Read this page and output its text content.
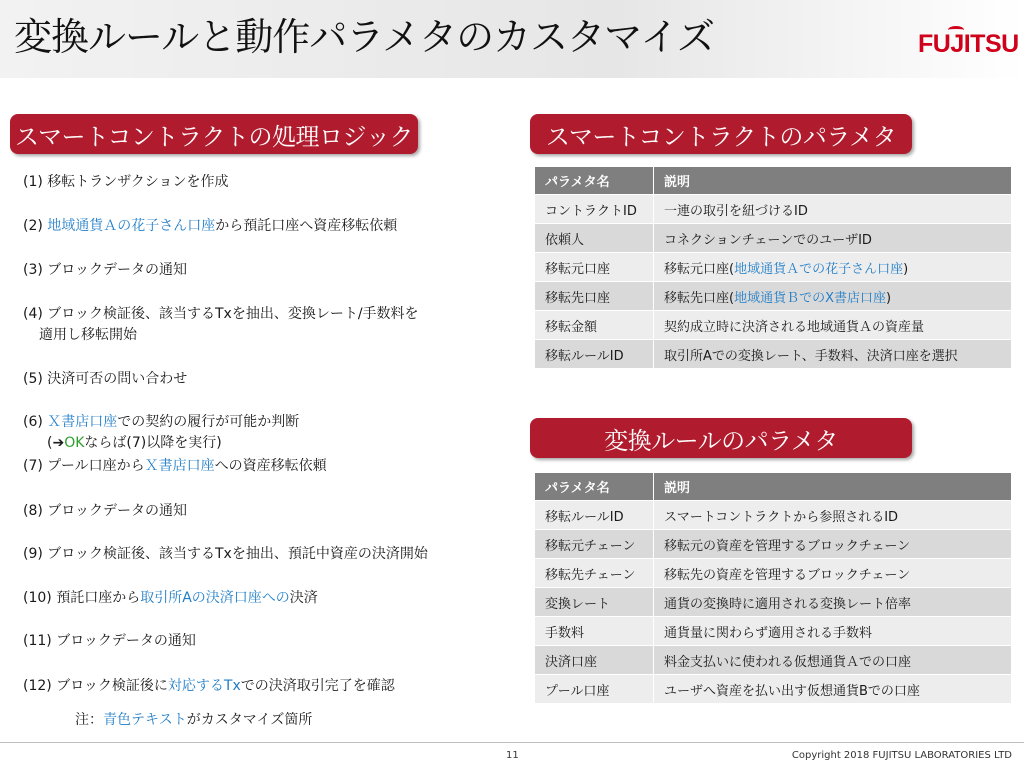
変換ルールと動作パラメタのカスタマイズ	FUJITSU
スマートコントラクトの処理ロジック
(1) 移転トランザクションを作成
(2) 地域通貨Ａの花子さん口座から預託口座へ資産移転依頼
(3) ブロックデータの通知
(4) ブロック検証後、該当するTxを抽出、変換レート/手数料を
適用し移転開始
(5) 決済可否の問い合わせ
(6) Ｘ書店口座での契約の履行が可能か判断
(➔OKならば(7)以降を実行)
(7) プール口座からＸ書店口座への資産移転依頼
(8) ブロックデータの通知
(9) ブロック検証後、該当するTxを抽出、預託中資産の決済開始
(10) 預託口座から取引所Aの決済口座への決済
(11) ブロックデータの通知
(12) ブロック検証後に対応するTxでの決済取引完了を確認
注：青色テキストがカスタマイズ箇所
スマートコントラクトのパラメタ
パラメタ名	説明
コントラクトID	一連の取引を紐づけるID
依頼人	コネクションチェーンでのユーザID
移転元口座	移転元口座(地域通貨Ａでの花子さん口座)
移転先口座	移転先口座(地域通貨ＢでのX書店口座)
移転金額	契約成立時に決済される地域通貨Ａの資産量
移転ルールID	取引所Aでの変換レート、手数料、決済口座を選択
変換ルールのパラメタ
パラメタ名	説明
移転ルールID	スマートコントラクトから参照されるID
移転元チェーン	移転元の資産を管理するブロックチェーン
移転先チェーン	移転先の資産を管理するブロックチェーン
変換レート	通貨の変換時に適用される変換レート倍率
手数料	通貨量に関わらず適用される手数料
決済口座	料金支払いに使われる仮想通貨Ａでの口座
プール口座	ユーザへ資産を払い出す仮想通貨Bでの口座
11	Copyright 2018 FUJITSU LABORATORIES LTD
